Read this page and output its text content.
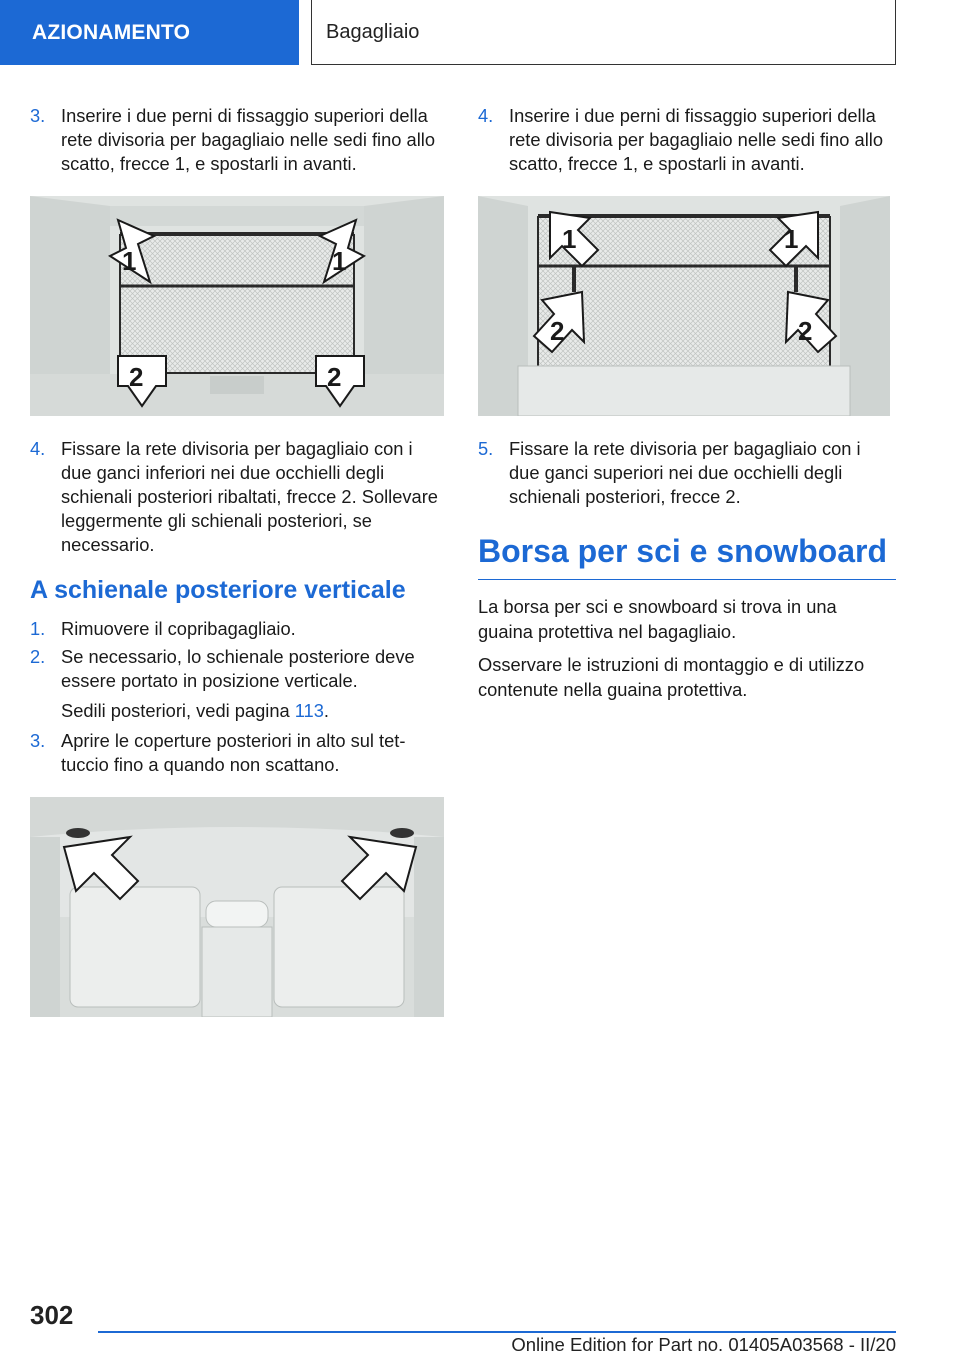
AZIONAMENTO	Bagagliaio
3. Inserire i due perni di fissaggio superiori della rete divisoria per bagagliaio nelle sedi fino allo scatto, frecce 1, e spostarli in avanti.
1	1
2	2
4. Fissare la rete divisoria per bagagliaio con i due ganci inferiori nei due occhielli degli schienali posteriori ribaltati, frecce 2. Sollevare leggermente gli schienali posteriori, se necessario.
A schienale posteriore verticale
1. Rimuovere il copribagagliaio.
2. Se necessario, lo schienale posteriore deve essere portato in posizione verticale.
Sedili posteriori, vedi pagina 113.
3. Aprire le coperture posteriori in alto sul tettuccio fino a quando non scattano.
4. Inserire i due perni di fissaggio superiori della rete divisoria per bagagliaio nelle sedi fino allo scatto, frecce 1, e spostarli in avanti.
1	1
2	2
5. Fissare la rete divisoria per bagagliaio con i due ganci superiori nei due occhielli degli schienali posteriori, frecce 2.
Borsa per sci e snowboard

La borsa per sci e snowboard si trova in una guaina protettiva nel bagagliaio.

Osservare le istruzioni di montaggio e di utilizzo contenute nella guaina protettiva.

302
Online Edition for Part no. 01405A03568 - II/20
